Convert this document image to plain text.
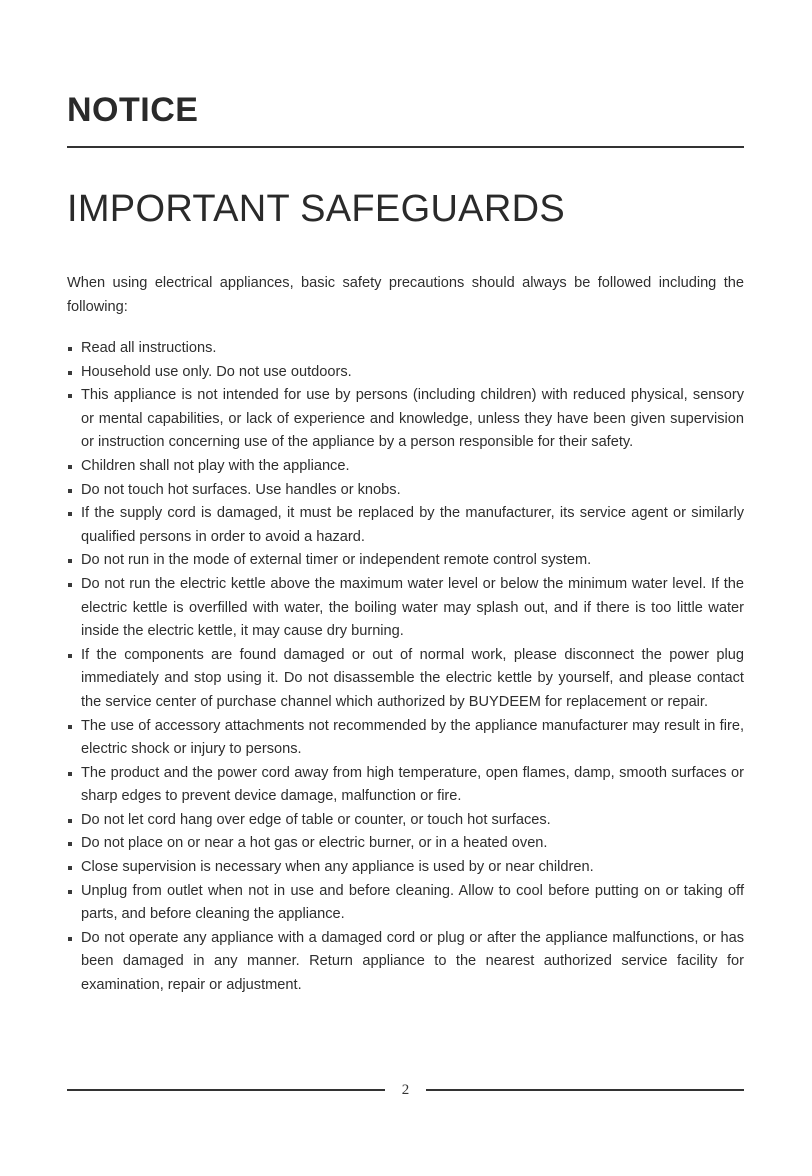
NOTICE
IMPORTANT SAFEGUARDS

When using electrical appliances, basic safety precautions should always be followed including the following:

Read all instructions.
Household use only. Do not use outdoors.
This appliance is not intended for use by persons (including children) with reduced physical, sensory or mental capabilities, or lack of experience and knowledge, unless they have been given supervision or instruction concerning use of the appliance by a person responsible for their safety.
Children shall not play with the appliance.
Do not touch hot surfaces. Use handles or knobs.
If the supply cord is damaged, it must be replaced by the manufacturer, its service agent or similarly qualified persons in order to avoid a hazard.
Do not run in the mode of external timer or independent remote control system.
Do not run the electric kettle above the maximum water level or below the minimum water level. If the electric kettle is overfilled with water, the boiling water may splash out, and if there is too little water inside the electric kettle, it may cause dry burning.
If the components are found damaged or out of normal work, please disconnect the power plug immediately and stop using it. Do not disassemble the electric kettle by yourself, and please contact the service center of purchase channel which authorized by BUYDEEM for replacement or repair.
The use of accessory attachments not recommended by the appliance manufacturer may result in fire, electric shock or injury to persons.
The product and the power cord away from high temperature, open flames, damp, smooth surfaces or sharp edges to prevent device damage, malfunction or fire.
Do not let cord hang over edge of table or counter, or touch hot surfaces.
Do not place on or near a hot gas or electric burner, or in a heated oven.
Close supervision is necessary when any appliance is used by or near children.
Unplug from outlet when not in use and before cleaning. Allow to cool before putting on or taking off parts, and before cleaning the appliance.
Do not operate any appliance with a damaged cord or plug or after the appliance malfunctions, or has been damaged in any manner. Return appliance to the nearest authorized service facility for examination, repair or adjustment.
2
